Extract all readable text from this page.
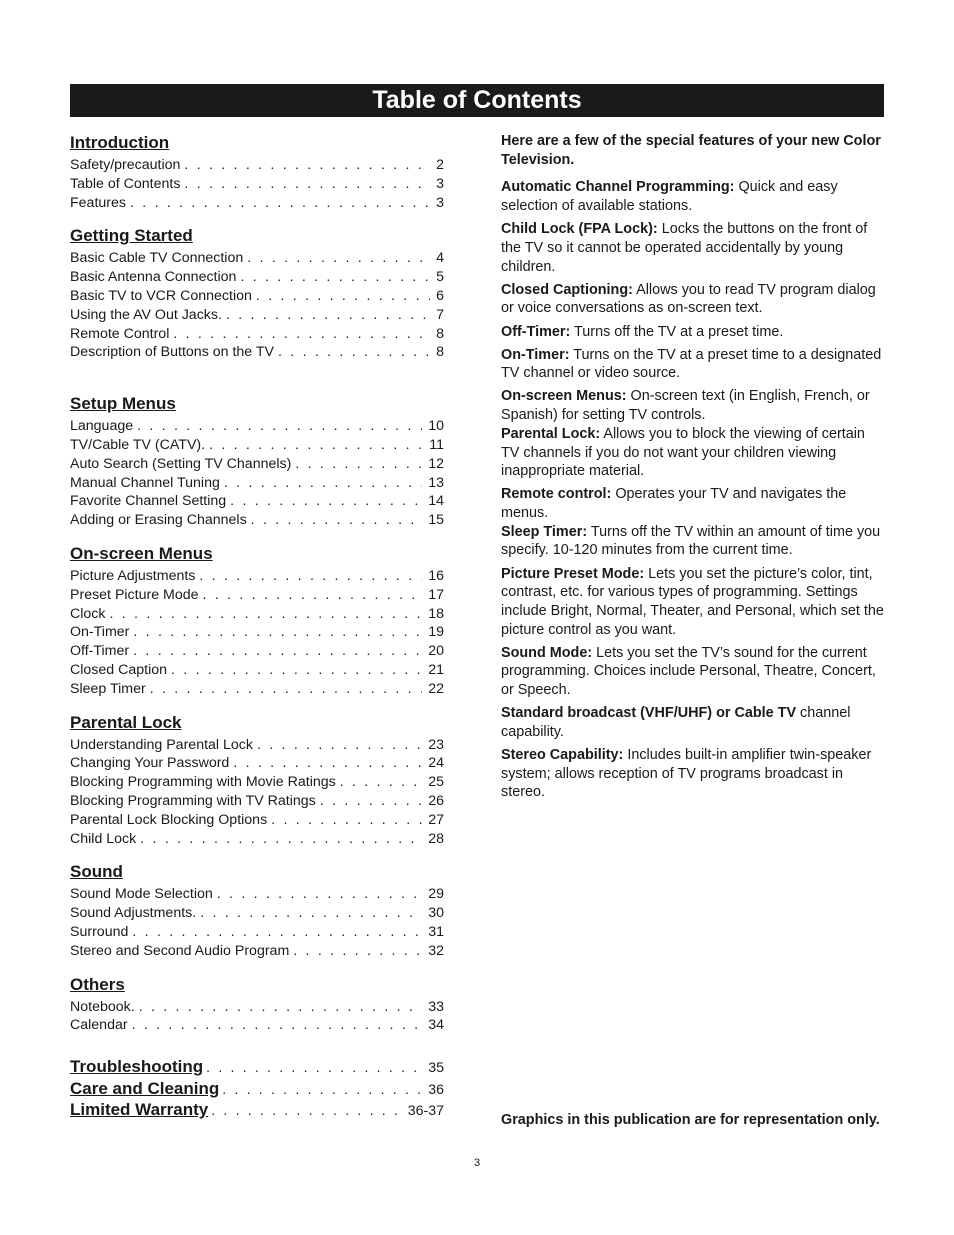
Table of Contents
Introduction
Safety/precaution . . .	2
Table of Contents . . .	3
Features . . .	3
Getting Started
Basic Cable TV Connection . . .	4
Basic Antenna Connection . . .	5
Basic TV to VCR Connection . . .	6
Using the AV Out Jacks. . . .	7
Remote Control . . .	8
Description of Buttons on the TV . . .	8
Setup Menus
Language . . .	10
TV/Cable TV (CATV). . . .	11
Auto Search (Setting TV Channels) . . .	12
Manual Channel Tuning . . .	13
Favorite Channel Setting . . .	14
Adding or Erasing Channels . . .	15
On-screen Menus
Picture Adjustments . . .	16
Preset Picture Mode . . .	17
Clock . . .	18
On-Timer . . .	19
Off-Timer . . .	20
Closed Caption . . .	21
Sleep Timer . . .	22
Parental Lock
Understanding Parental Lock . . .	23
Changing Your Password . . .	24
Blocking Programming with Movie Ratings . . .	25
Blocking Programming with TV Ratings . . .	26
Parental Lock Blocking Options . . .	27
Child Lock . . .	28
Sound
Sound Mode Selection . . .	29
Sound Adjustments. . . .	30
Surround . . .	31
Stereo and Second Audio Program . . .	32
Others
Notebook. . . .	33
Calendar . . .	34
Troubleshooting . . .	35
Care and Cleaning . . .	36
Limited Warranty . . .	36-37
Here are a few of the special features of your new Color Television.
Automatic Channel Programming: Quick and easy selection of available stations.
Child Lock (FPA Lock): Locks the buttons on the front of the TV so it cannot be operated accidentally by young children.
Closed Captioning: Allows you to read TV program dialog or voice conversations as on-screen text.
Off-Timer: Turns off the TV at a preset time.
On-Timer: Turns on the TV at a preset time to a designated TV channel or video source.
On-screen Menus: On-screen text (in English, French, or Spanish) for setting TV controls.
Parental Lock: Allows you to block the viewing of certain TV channels if you do not want your children viewing inappropriate material.
Remote control: Operates your TV and navigates the menus.
Sleep Timer: Turns off the TV within an amount of time you specify. 10-120 minutes from the current time.
Picture Preset Mode: Lets you set the picture’s color, tint, contrast, etc. for various types of programming. Settings include Bright, Normal, Theater, and Personal, which set the picture control as you want.
Sound Mode: Lets you set the TV’s sound for the current programming. Choices include Personal, Theatre, Concert, or Speech.
Standard broadcast (VHF/UHF) or Cable TV channel capability.
Stereo Capability: Includes built-in amplifier twin-speaker system; allows reception of TV programs broadcast in stereo.
Graphics in this publication are for representation only.
3
